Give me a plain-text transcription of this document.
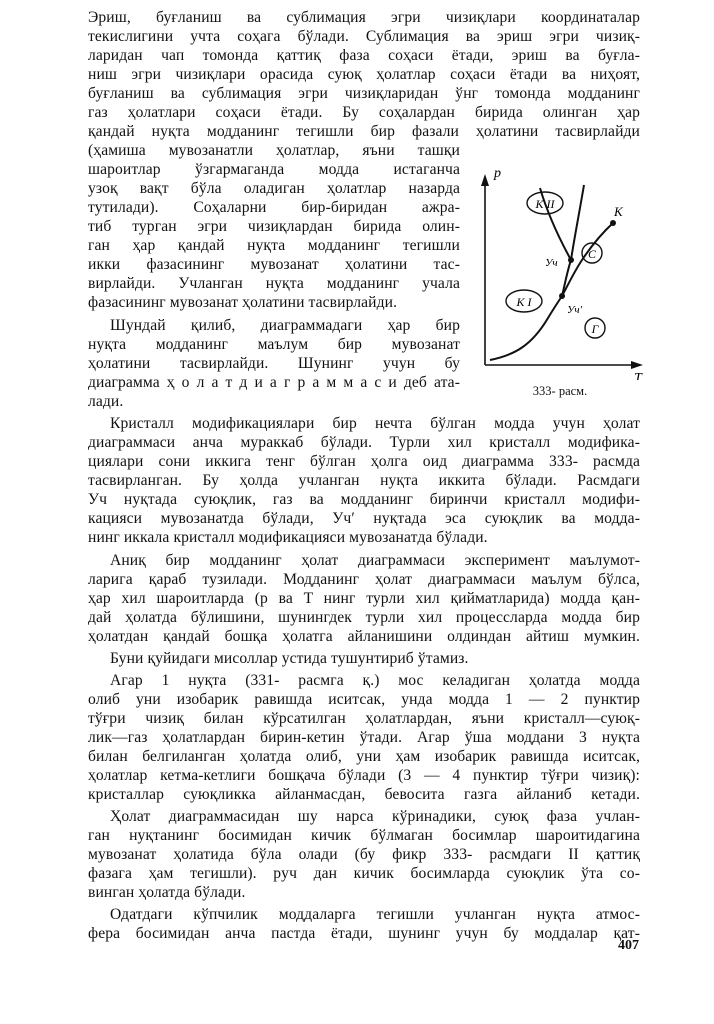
Эриш, буғланиш ва сублимация эгри чизиқлари координаталар
текислигини учта соҳага бўлади. Сублимация ва эриш эгри чизиқ-
ларидан чап томонда қаттиқ фаза соҳаси ётади, эриш ва буғла-
ниш эгри чизиқлари орасида суюқ ҳолатлар соҳаси ётади ва ниҳоят,
буғланиш ва сублимация эгри чизиқларидан ўнг томонда модданинг
газ ҳолатлари соҳаси ётади. Бу соҳалардан бирида олинган ҳар
қандай нуқта модданинг тегишли бир фазали ҳолатини тасвирлайди
(ҳамиша мувозанатли ҳолатлар, яъни ташқи
шароитлар ўзгармаганда модда истаганча
узоқ вақт бўла оладиган ҳолатлар назарда
тутилади). Соҳаларни бир-биридан ажра-
тиб турган эгри чизиқлардан бирида олин-
ган ҳар қандай нуқта модданинг тегишли
икки фазасининг мувозанат ҳолатини тас-
вирлайди. Учланган нуқта модданинг учала
фазасининг мувозанат ҳолатини тасвирлайди.
Шундай қилиб, диаграммадаги ҳар бир
нуқта модданинг маълум бир мувозанат
ҳолатини тасвирлайди. Шунинг учун бу
диаграмма ҳ о л а т д и а г р а м м а с и деб ата-
лади.
Кристалл модификациялари бир нечта бўлган модда учун ҳолат
диаграммаси анча мураккаб бўлади. Турли хил кристалл модифика-
циялари сони иккига тенг бўлган ҳолга оид диаграмма 333- расмда
тасвирланган. Бу ҳолда учланган нуқта иккита бўлади. Расмдаги
Уч нуқтада суюқлик, газ ва модданинг биринчи кристалл модифи-
кацияси мувозанатда бўлади, Уч′ нуқтада эса суюқлик ва модда-
нинг иккала кристалл модификацияси мувозанатда бўлади.
Аниқ бир модданинг ҳолат диаграммаси эксперимент маълумот-
ларига қараб тузилади. Модданинг ҳолат диаграммаси маълум бўлса,
ҳар хил шароитларда (p ва T нинг турли хил қийматларида) модда қан-
дай ҳолатда бўлишини, шунингдек турли хил процессларда модда бир
ҳолатдан қандай бошқа ҳолатга айланишини олдиндан айтиш мумкин.
Буни қуйидаги мисоллар устида тушунтириб ўтамиз.
Агар 1 нуқта (331- расмга қ.) мос келадиган ҳолатда модда
олиб уни изобарик равишда иситсак, унда модда 1 — 2 пунктир
тўғри чизиқ билан кўрсатилган ҳолатлардан, яъни кристалл—суюқ-
лик—газ ҳолатлардан бирин-кетин ўтади. Агар ўша моддани 3 нуқта
билан белгиланган ҳолатда олиб, уни ҳам изобарик равишда иситсак,
ҳолатлар кетма-кетлиги бошқача бўлади (3 — 4 пунктир тўғри чизиқ):
кристаллар суюқликка айланмасдан, бевосита газга айланиб кетади.
Ҳолат диаграммасидан шу нарса кўринадики, суюқ фаза учлан-
ган нуқтанинг босимидан кичик бўлмаган босимлар шароитидагина
мувозанат ҳолатида бўла олади (бу фикр 333- расмдаги II қаттиқ
фазагa ҳам тегишли). pуч дан кичик босимларда суюқлик ўта со-
винган ҳолатда бўлади.
Одатдаги кўпчилик моддаларга тегишли учланган нуқта атмос-
фера босимидан анча пастда ётади, шунинг учун бу моддалар қат-
p
T
К
К II
С
К I
Г
Уч
Уч′
333- расм.
407
